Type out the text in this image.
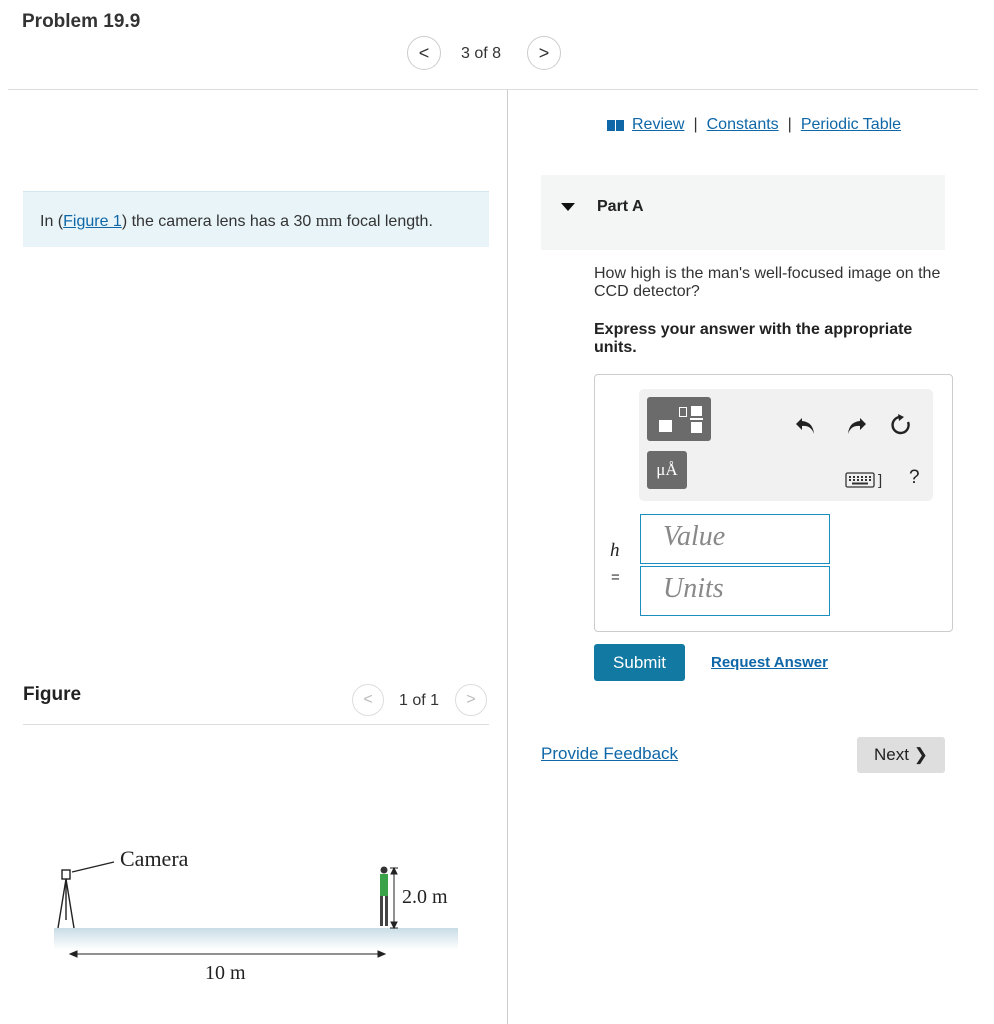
Problem 19.9
<	3 of 8	>
Review | Constants | Periodic Table
In (Figure 1) the camera lens has a 30 mm focal length.
Part A
How high is the man's well-focused image on the CCD detector?
Express your answer with the appropriate units.
μÅ
] ?
h
=
Value
Units
Submit	Request Answer
Provide Feedback	Next ❯
Figure	<	1 of 1	>
Camera
2.0 m
10 m
